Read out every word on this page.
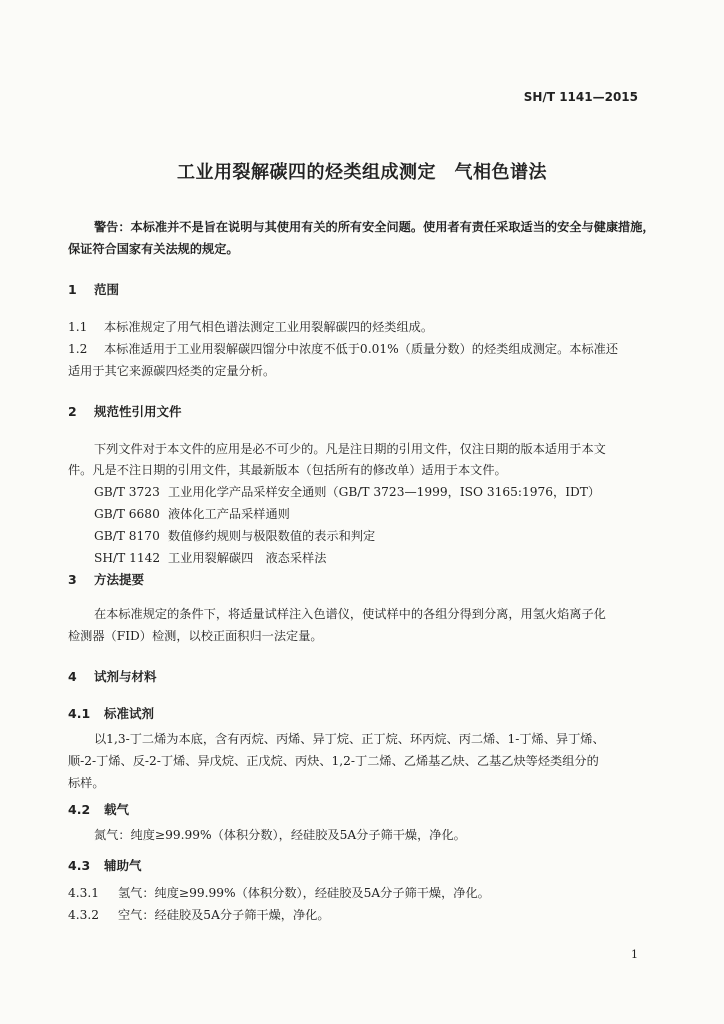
SH/T 1141—2015
工业用裂解碳四的烃类组成测定　气相色谱法
警告：本标准并不是旨在说明与其使用有关的所有安全问题。使用者有责任采取适当的安全与健康措施，保证符合国家有关法规的规定。
1 范围
1.1 本标准规定了用气相色谱法测定工业用裂解碳四的烃类组成。
1.2 本标准适用于工业用裂解碳四馏分中浓度不低于0.01%（质量分数）的烃类组成测定。本标准还
适用于其它来源碳四烃类的定量分析。
2 规范性引用文件
下列文件对于本文件的应用是必不可少的。凡是注日期的引用文件，仅注日期的版本适用于本文
件。凡是不注日期的引用文件，其最新版本（包括所有的修改单）适用于本文件。
GB/T 3723 工业用化学产品采样安全通则（GB/T 3723—1999，ISO 3165:1976，IDT）
GB/T 6680 液体化工产品采样通则
GB/T 8170 数值修约规则与极限数值的表示和判定
SH/T 1142 工业用裂解碳四　液态采样法
3 方法提要
在本标准规定的条件下，将适量试样注入色谱仪，使试样中的各组分得到分离，用氢火焰离子化
检测器（FID）检测，以校正面积归一法定量。
4 试剂与材料
4.1 标准试剂
以1,3-丁二烯为本底，含有丙烷、丙烯、异丁烷、正丁烷、环丙烷、丙二烯、1-丁烯、异丁烯、
顺-2-丁烯、反-2-丁烯、异戊烷、正戊烷、丙炔、1,2-丁二烯、乙烯基乙炔、乙基乙炔等烃类组分的
标样。
4.2 载气
氮气：纯度≥99.99%（体积分数），经硅胶及5A分子筛干燥，净化。
4.3 辅助气
4.3.1 氢气：纯度≥99.99%（体积分数），经硅胶及5A分子筛干燥，净化。
4.3.2 空气：经硅胶及5A分子筛干燥，净化。
1
